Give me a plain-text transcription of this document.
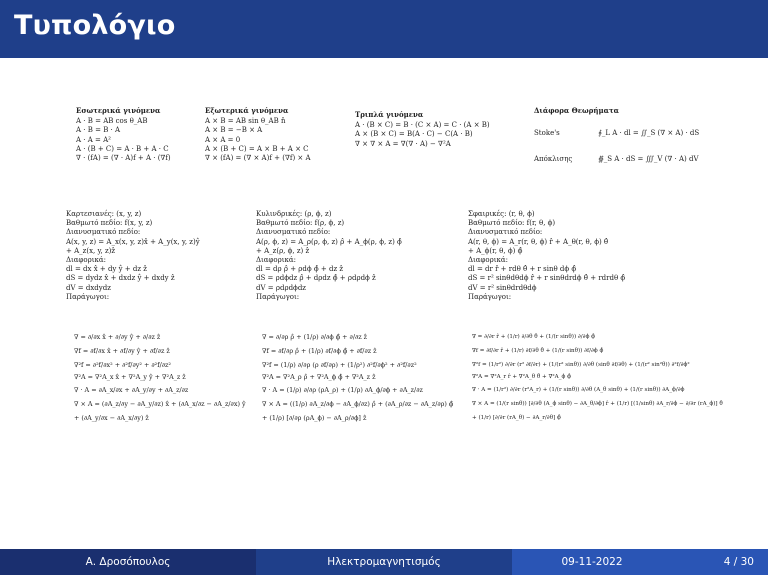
Τυπολόγιο
Εσωτερικά γινόμενα
A · B = AB cos θ_AB
A · B = B · A
A · A = A²
A · (B + C) = A · B + A · C
∇ · (fA) = (∇ · A)f + A · (∇f)
Εξωτερικά γινόμενα
A × B = AB sin θ_AB n̂
A × B = −B × A
A × A = 0
A × (B + C) = A × B + A × C
∇ × (fA) = (∇ × A)f + (∇f) × A
Τριπλά γινόμενα
A · (B × C) = B · (C × A) = C · (A × B)
A × (B × C) = B(A · C) − C(A · B)
∇ × ∇ × A = ∇(∇ · A) − ∇²A
Διάφορα Θεωρήματα
Stoke's	∮_L A · dl = ∬_S (∇ × A) · dS
Απόκλισης	∯_S A · dS = ∭_V (∇ · A) dV
Καρτεσιανές: (x, y, z)
Βαθμωτό πεδίο: f(x, y, z)
Διανυσματικό πεδίο:
A(x, y, z) = A_x(x, y, z)x̂ + A_y(x, y, z)ŷ
+ A_z(x, y, z)ẑ
Διαφορικά:
dl = dx x̂ + dy ŷ + dz ẑ
dS = dydz x̂ + dxdz ŷ + dxdy ẑ
dV = dxdydz
Παράγωγοι:
∇ = ∂/∂x x̂ + ∂/∂y ŷ + ∂/∂z ẑ
∇f = ∂f/∂x x̂ + ∂f/∂y ŷ + ∂f/∂z ẑ
∇²f = ∂²f/∂x² + ∂²f/∂y² + ∂²f/∂z²
∇²A = ∇²A_x x̂ + ∇²A_y ŷ + ∇²A_z ẑ
∇ · A = ∂A_x/∂x + ∂A_y/∂y + ∂A_z/∂z
∇ × A = (∂A_z/∂y − ∂A_y/∂z) x̂ + (∂A_x/∂z − ∂A_z/∂x) ŷ
+ (∂A_y/∂x − ∂A_x/∂y) ẑ
Κυλινδρικές: (ρ, ϕ, z)
Βαθμωτό πεδίο: f(ρ, ϕ, z)
Διανυσματικό πεδίο:
A(ρ, ϕ, z) = A_ρ(ρ, ϕ, z) ρ̂ + A_ϕ(ρ, ϕ, z) ϕ̂
+ A_z(ρ, ϕ, z) ẑ
Διαφορικά:
dl = dρ ρ̂ + ρdϕ ϕ̂ + dz ẑ
dS = ρdϕdz ρ̂ + dρdz ϕ̂ + ρdρdϕ ẑ
dV = ρdρdϕdz
Παράγωγοι:
∇ = ∂/∂ρ ρ̂ + (1/ρ) ∂/∂ϕ ϕ̂ + ∂/∂z ẑ
∇f = ∂f/∂ρ ρ̂ + (1/ρ) ∂f/∂ϕ ϕ̂ + ∂f/∂z ẑ
∇²f = (1/ρ) ∂/∂ρ (ρ ∂f/∂ρ) + (1/ρ²) ∂²f/∂ϕ² + ∂²f/∂z²
∇²A = ∇²A_ρ ρ̂ + ∇²A_ϕ ϕ̂ + ∇²A_z ẑ
∇ · A = (1/ρ) ∂/∂ρ (ρA_ρ) + (1/ρ) ∂A_ϕ/∂ϕ + ∂A_z/∂z
∇ × A = ((1/ρ) ∂A_z/∂ϕ − ∂A_ϕ/∂z) ρ̂ + (∂A_ρ/∂z − ∂A_z/∂ρ) ϕ̂
+ (1/ρ) [∂/∂ρ (ρA_ϕ) − ∂A_ρ/∂ϕ] ẑ
Σφαιρικές: (r, θ, ϕ)
Βαθμωτό πεδίο: f(r, θ, ϕ)
Διανυσματικό πεδίο:
A(r, θ, ϕ) = A_r(r, θ, ϕ) r̂ + A_θ(r, θ, ϕ) θ̂
+ A_ϕ(r, θ, ϕ) ϕ̂
Διαφορικά:
dl = dr r̂ + rdθ θ̂ + r sinθ dϕ ϕ̂
dS = r² sinθdθdϕ r̂ + r sinθdrdϕ θ̂ + rdrdθ ϕ̂
dV = r² sinθdrdθdϕ
Παράγωγοι:
∇ = ∂/∂r r̂ + (1/r) ∂/∂θ θ̂ + (1/(r sinθ)) ∂/∂ϕ ϕ̂
∇f = ∂f/∂r r̂ + (1/r) ∂f/∂θ θ̂ + (1/(r sinθ)) ∂f/∂ϕ ϕ̂
∇²f = (1/r²) ∂/∂r (r² ∂f/∂r) + (1/(r² sinθ)) ∂/∂θ (sinθ ∂f/∂θ) + (1/(r² sin²θ)) ∂²f/∂ϕ²
∇²A = ∇²A_r r̂ + ∇²A_θ θ̂ + ∇²A_ϕ ϕ̂
∇ · A = (1/r²) ∂/∂r (r²A_r) + (1/(r sinθ)) ∂/∂θ (A_θ sinθ) + (1/(r sinθ)) ∂A_ϕ/∂ϕ
∇ × A = (1/(r sinθ)) [∂/∂θ (A_ϕ sinθ) − ∂A_θ/∂ϕ] r̂ + (1/r) [(1/sinθ) ∂A_r/∂ϕ − ∂/∂r (rA_ϕ)] θ̂
+ (1/r) [∂/∂r (rA_θ) − ∂A_r/∂θ] ϕ̂
Α. Δροσόπουλος	Ηλεκτρομαγνητισμός	09-11-2022	4 / 30
